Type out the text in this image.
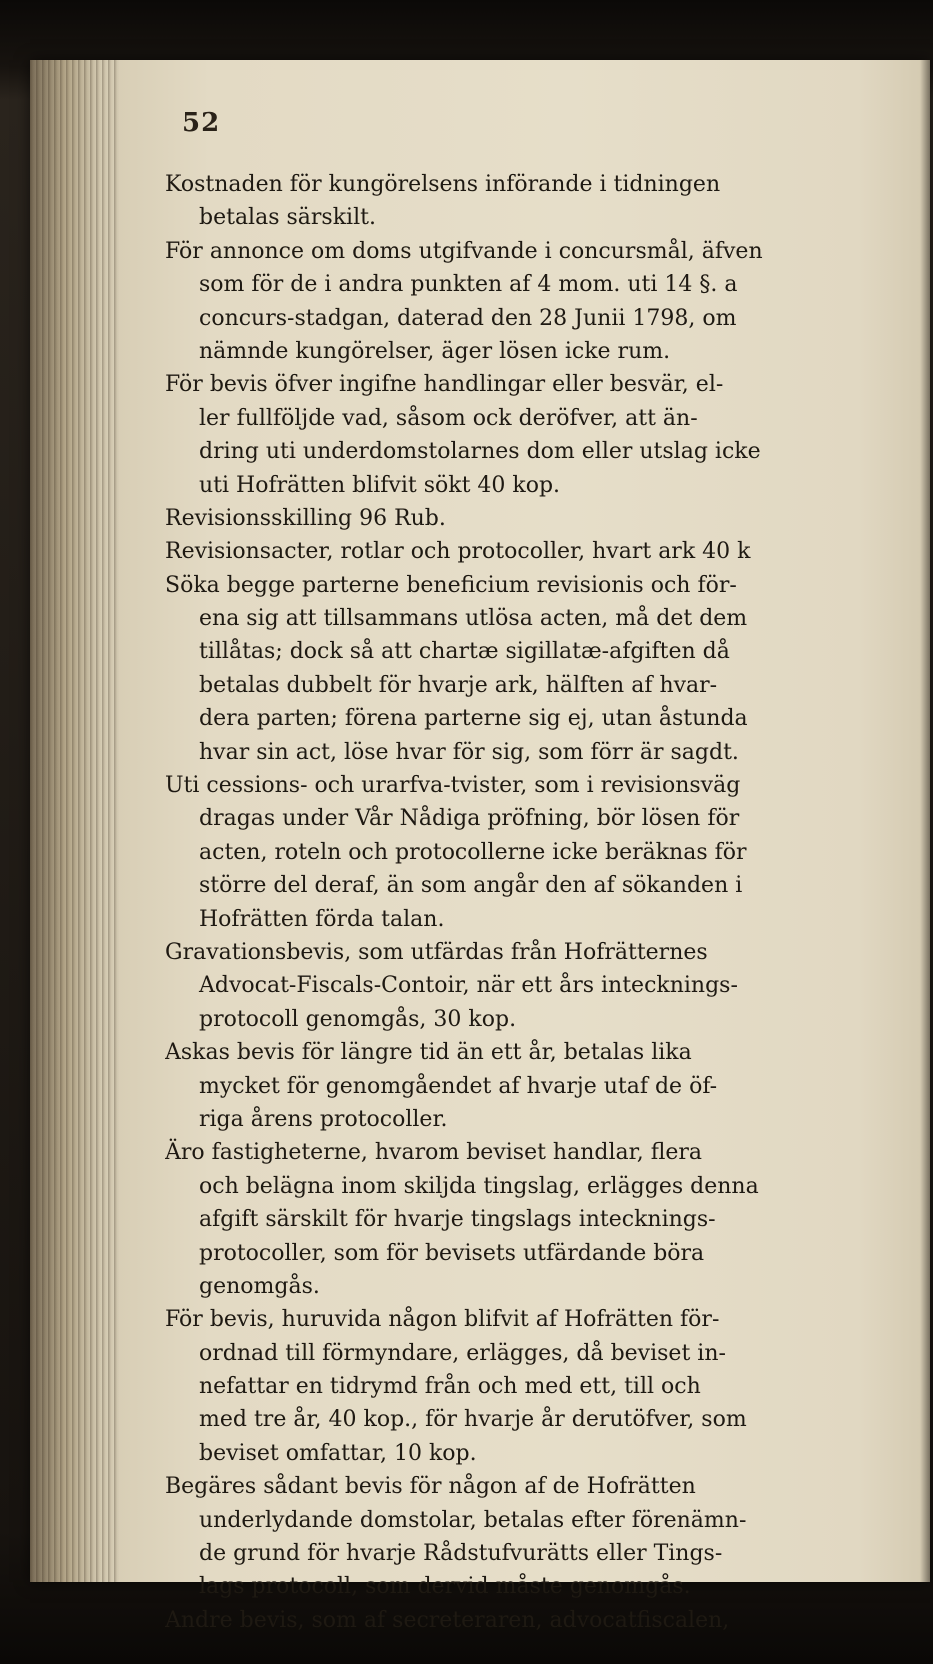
52
Kostnaden för kungörelsens införande i tidningen
betalas särskilt.
För annonce om doms utgifvande i concursmål, äfven
som för de i andra punkten af 4 mom. uti 14 §. a
concurs-stadgan, daterad den 28 Junii 1798, om
nämnde kungörelser, äger lösen icke rum.
För bevis öfver ingifne handlingar eller besvär, el-
ler fullföljde vad, såsom ock deröfver, att än-
dring uti underdomstolarnes dom eller utslag icke
uti Hofrätten blifvit sökt 40 kop.
Revisionsskilling 96 Rub.
Revisionsacter, rotlar och protocoller, hvart ark 40 k
Söka begge parterne beneficium revisionis och för-
ena sig att tillsammans utlösa acten, må det dem
tillåtas; dock så att chartæ sigillatæ-afgiften då
betalas dubbelt för hvarje ark, hälften af hvar-
dera parten; förena parterne sig ej, utan åstunda
hvar sin act, löse hvar för sig, som förr är sagdt.
Uti cessions- och urarfva-tvister, som i revisionsväg
dragas under Vår Nådiga pröfning, bör lösen för
acten, roteln och protocollerne icke beräknas för
större del deraf, än som angår den af sökanden i
Hofrätten förda talan.
Gravationsbevis, som utfärdas från Hofrätternes
Advocat-Fiscals-Contoir, när ett års intecknings-
protocoll genomgås, 30 kop.
Askas bevis för längre tid än ett år, betalas lika
mycket för genomgåendet af hvarje utaf de öf-
riga årens protocoller.
Äro fastigheterne, hvarom beviset handlar, flera
och belägna inom skiljda tingslag, erlägges denna
afgift särskilt för hvarje tingslags intecknings-
protocoller, som för bevisets utfärdande böra
genomgås.
För bevis, huruvida någon blifvit af Hofrätten för-
ordnad till förmyndare, erlägges, då beviset in-
nefattar en tidrymd från och med ett, till och
med tre år, 40 kop., för hvarje år derutöfver, som
beviset omfattar, 10 kop.
Begäres sådant bevis för någon af de Hofrätten
underlydande domstolar, betalas efter förenämn-
de grund för hvarje Rådstufvurätts eller Tings-
lags protocoll, som dervid måste genomgås.
Andre bevis, som af secreteraren, advocatfiscalen,
